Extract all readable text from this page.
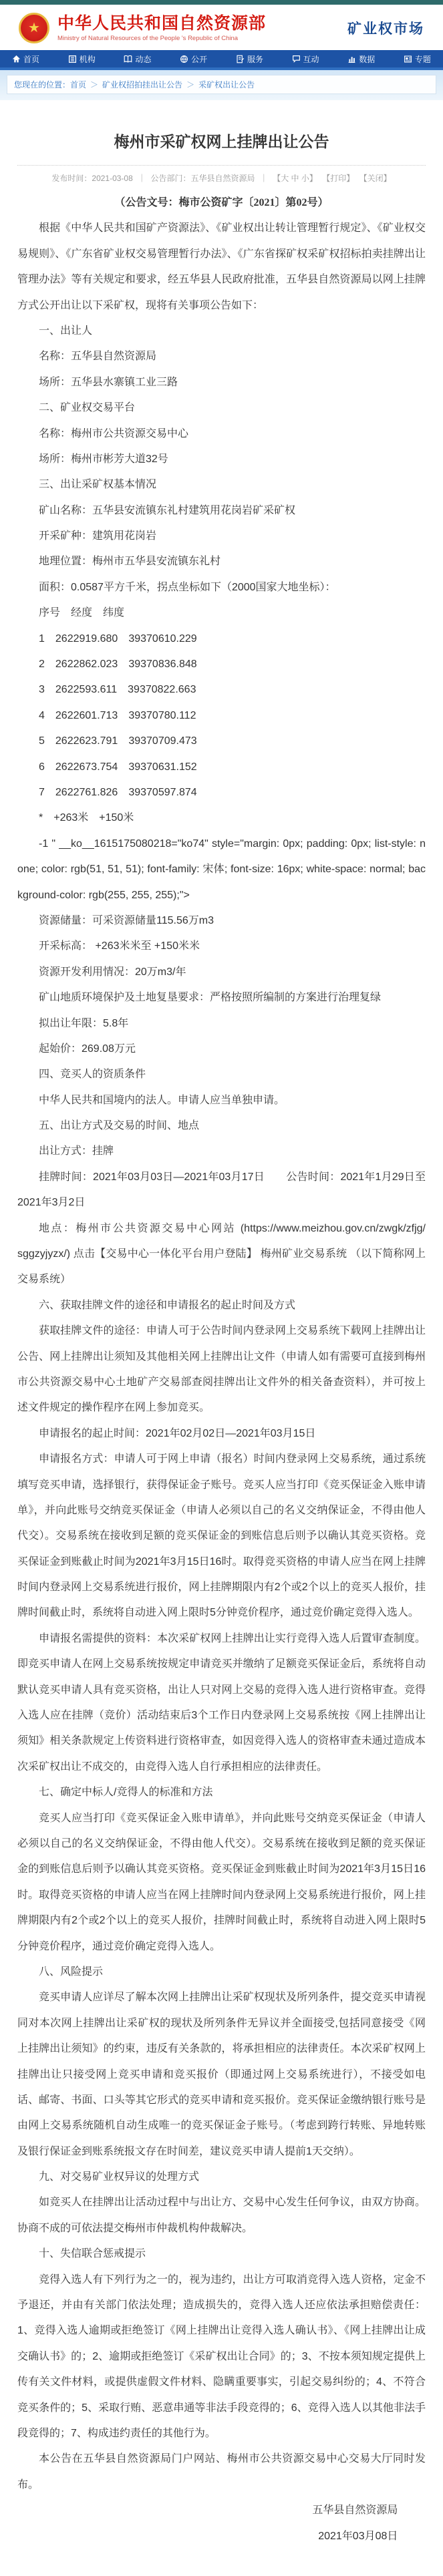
★ 中华人民共和国自然资源部
Ministry of Natural Resources of the People 's Republic of China
矿业权市场
首页	机构	动态	公开	服务	互动	数据	专题
您现在的位置：首页 ＞ 矿业权招拍挂出让公告 ＞ 采矿权出让公告
梅州市采矿权网上挂牌出让公告
发布时间：2021-03-08 ｜ 公告部门：五华县自然资源局 ｜ 【大 中 小】 【打印】 【关闭】

（公告文号：梅市公资矿字〔2021〕第02号）

根据《中华人民共和国矿产资源法》、《矿业权出让转让管理暂行规定》、《矿业权交易规则》、《广东省矿业权交易管理暂行办法》、《广东省探矿权采矿权招标拍卖挂牌出让管理办法》等有关规定和要求，经五华县人民政府批准，五华县自然资源局以网上挂牌方式公开出让以下采矿权，现将有关事项公告如下：

一、出让人

名称：五华县自然资源局

场所：五华县水寨镇工业三路

二、矿业权交易平台

名称：梅州市公共资源交易中心

场所：梅州市彬芳大道32号

三、出让采矿权基本情况

矿山名称：五华县安流镇东礼村建筑用花岗岩矿采矿权

开采矿种：建筑用花岗岩

地理位置：梅州市五华县安流镇东礼村

面积：0.0587平方千米，拐点坐标如下（2000国家大地坐标）：

序号　经度　纬度

1　2622919.680　39370610.229

2　2622862.023　39370836.848

3　2622593.611　39370822.663

4　2622601.713　39370780.112

5　2622623.791　39370709.473

6　2622673.754　39370631.152

7　2622761.826　39370597.874

*　+263米　+150米

-1 " __ko__1615175080218="ko74" style="margin: 0px; padding: 0px; list-style: none; color: rgb(51, 51, 51); font-family: 宋体; font-size: 16px; white-space: normal; background-color: rgb(255, 255, 255);">

资源储量：可采资源储量115.56万m3

开采标高： +263米米至 +150米米

资源开发利用情况：20万m3/年

矿山地质环境保护及土地复垦要求：严格按照所编制的方案进行治理复绿

拟出让年限：5.8年

起始价：269.08万元

四、竞买人的资质条件

中华人民共和国境内的法人。申请人应当单独申请。

五、出让方式及交易的时间、地点

出让方式：挂牌

挂牌时间：2021年03月03日—2021年03月17日　　公告时间：2021年1月29日至2021年3月2日

地点：梅州市公共资源交易中心网站 (https://www.meizhou.gov.cn/zwgk/zfjg/ sggzyjyzx/) 点击【交易中心一体化平台用户登陆】 梅州矿业交易系统 （以下简称网上交易系统）

六、获取挂牌文件的途径和申请报名的起止时间及方式

获取挂牌文件的途径：申请人可于公告时间内登录网上交易系统下载网上挂牌出让公告、网上挂牌出让须知及其他相关网上挂牌出让文件（申请人如有需要可直接到梅州市公共资源交易中心土地矿产交易部查阅挂牌出让文件外的相关备查资料），并可按上述文件规定的操作程序在网上参加竞买。

申请报名的起止时间：2021年02月02日—2021年03月15日

申请报名方式：申请人可于网上申请（报名）时间内登录网上交易系统，通过系统填写竞买申请，选择银行，获得保证金子账号。竞买人应当打印《竞买保证金入账申请单》，并向此账号交纳竞买保证金（申请人必须以自己的名义交纳保证金，不得由他人代交）。交易系统在接收到足额的竞买保证金的到账信息后则予以确认其竞买资格。竞买保证金到账截止时间为2021年3月15日16时。取得竞买资格的申请人应当在网上挂牌时间内登录网上交易系统进行报价，网上挂牌期限内有2个或2个以上的竞买人报价，挂牌时间截止时，系统将自动进入网上限时5分钟竞价程序，通过竞价确定竞得入选人。

申请报名需提供的资料：本次采矿权网上挂牌出让实行竞得入选人后置审查制度。即竞买申请人在网上交易系统按规定申请竞买并缴纳了足额竞买保证金后，系统将自动默认竞买申请人具有竞买资格，出让人只对网上交易的竞得入选人进行资格审查。竞得入选人应在挂牌（竞价）活动结束后3个工作日内登录网上交易系统按《网上挂牌出让须知》相关条款规定上传资料进行资格审查，如因竞得入选人的资格审查未通过造成本次采矿权出让不成交的，由竞得入选人自行承担相应的法律责任。

七、确定中标人/竞得人的标准和方法

竞买人应当打印《竞买保证金入账申请单》，并向此账号交纳竞买保证金（申请人必须以自己的名义交纳保证金，不得由他人代交）。交易系统在接收到足额的竞买保证金的到账信息后则予以确认其竞买资格。竞买保证金到账截止时间为2021年3月15日16时。取得竞买资格的申请人应当在网上挂牌时间内登录网上交易系统进行报价，网上挂牌期限内有2个或2个以上的竞买人报价，挂牌时间截止时，系统将自动进入网上限时5分钟竞价程序，通过竞价确定竞得入选人。

八、风险提示

竞买申请人应详尽了解本次网上挂牌出让采矿权现状及所列条件，提交竞买申请视同对本次网上挂牌出让采矿权的现状及所列条件无异议并全面接受,包括同意接受《网上挂牌出让须知》的约束，违反有关条款的，将承担相应的法律责任。本次采矿权网上挂牌出让只接受网上竞买申请和竞买报价（即通过网上交易系统进行），不接受如电话、邮寄、书面、口头等其它形式的竞买申请和竞买报价。竞买保证金缴纳银行账号是由网上交易系统随机自动生成唯一的竞买保证金子账号。（考虑到跨行转账、异地转账及银行保证金到账系统报文存在时间差，建议竞买申请人提前1天交纳）。

九、对交易矿业权异议的处理方式

如竞买人在挂牌出让活动过程中与出让方、交易中心发生任何争议，由双方协商。协商不成的可依法提交梅州市仲裁机构仲裁解决。

十、失信联合惩戒提示

竞得入选人有下列行为之一的，视为违约，出让方可取消竞得入选人资格，定金不予退还，并由有关部门依法处理；造成损失的，竞得入选人还应依法承担赔偿责任：1、竞得入选人逾期或拒绝签订《网上挂牌出让竞得入选人确认书》、《网上挂牌出让成交确认书》的；2、逾期或拒绝签订《采矿权出让合同》的；3、不按本须知规定提供上传有关文件材料，或提供虚假文件材料、隐瞒重要事实，引起交易纠纷的；4、不符合竞买条件的；5、采取行贿、恶意串通等非法手段竞得的；6、竞得入选人以其他非法手段竞得的；7、构成违约责任的其他行为。

本公告在五华县自然资源局门户网站、梅州市公共资源交易中心交易大厅同时发布。

五华县自然资源局

2021年03月08日
